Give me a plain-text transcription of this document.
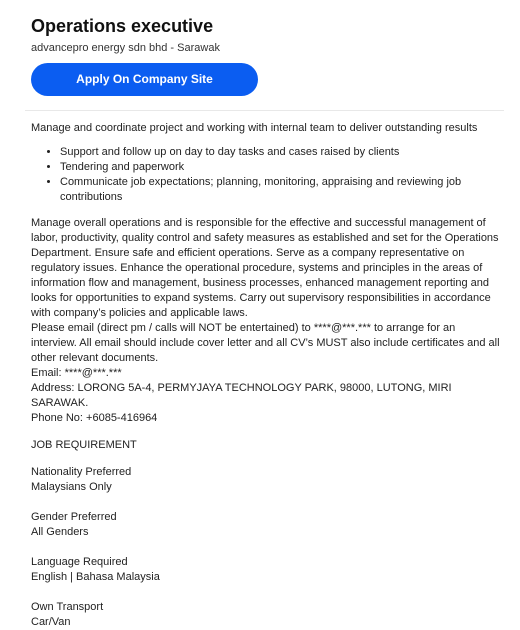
Operations executive
advancepro energy sdn bhd - Sarawak
Apply On Company Site

Manage and coordinate project and working with internal team to deliver outstanding results

• Support and follow up on day to day tasks and cases raised by clients
• Tendering and paperwork
• Communicate job expectations; planning, monitoring, appraising and reviewing job contributions

Manage overall operations and is responsible for the effective and successful management of labor, productivity, quality control and safety measures as established and set for the Operations Department. Ensure safe and efficient operations. Serve as a company representative on regulatory issues. Enhance the operational procedure, systems and principles in the areas of information flow and management, business processes, enhanced management reporting and looks for opportunities to expand systems. Carry out supervisory responsibilities in accordance with company’s policies and applicable laws.

Please email (direct pm / calls will NOT be entertained) to ****@***.*** to arrange for an interview. All email should include cover letter and all CV’s MUST also include certificates and all other relevant documents.

Email: ****@***.***

Address: LORONG 5A-4, PERMYJAYA TECHNOLOGY PARK, 98000, LUTONG, MIRI SARAWAK.

Phone No: +6085-416964

JOB REQUIREMENT

Nationality Preferred

Malaysians Only

Gender Preferred

All Genders

Language Required

English | Bahasa Malaysia

Own Transport

Car/Van
